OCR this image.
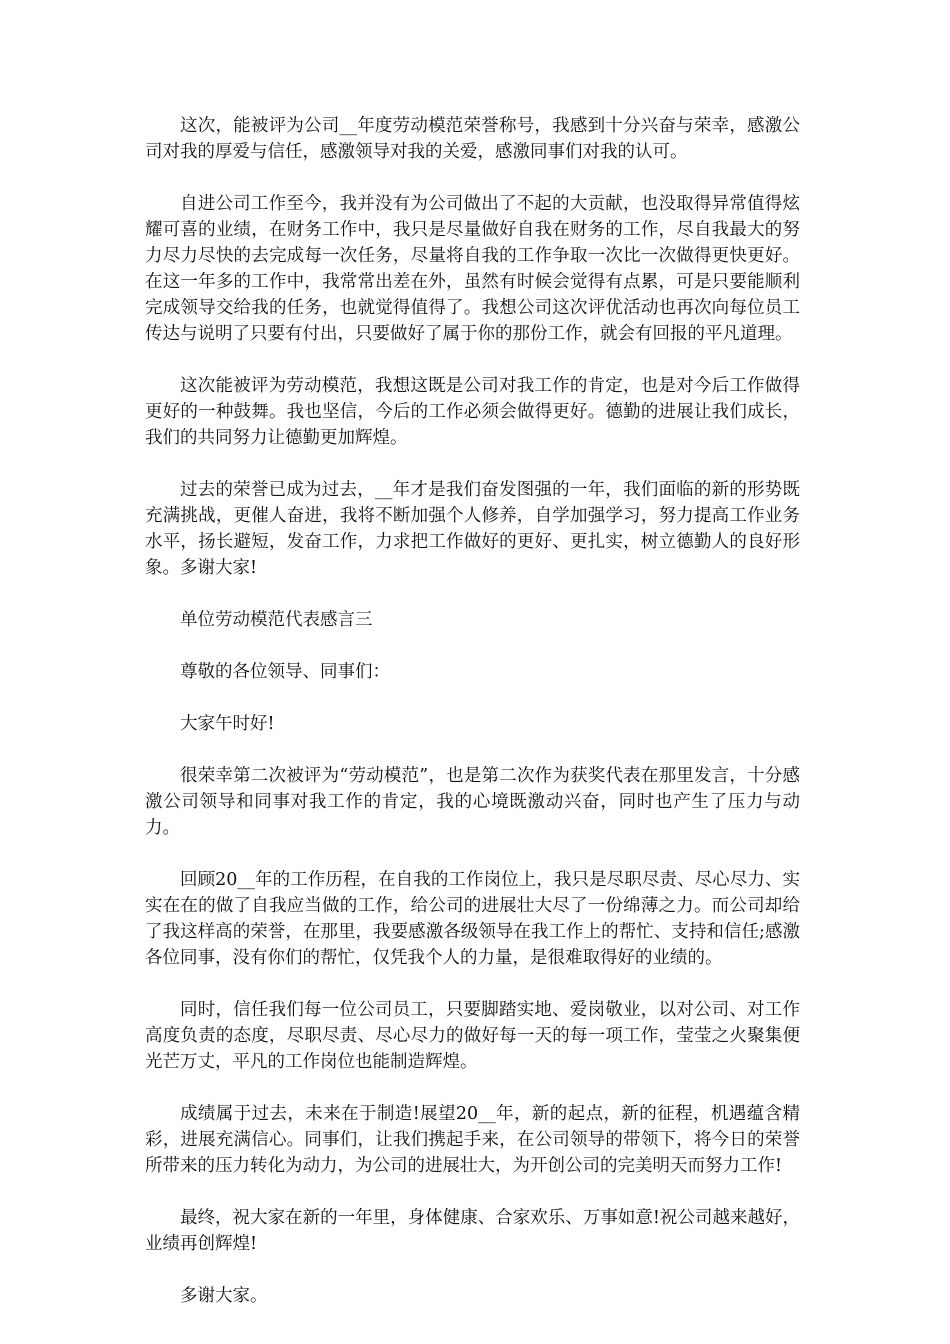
这次，能被评为公司__年度劳动模范荣誉称号，我感到十分兴奋与荣幸，感激公司对我的厚爱与信任，感激领导对我的关爱，感激同事们对我的认可。

自进公司工作至今，我并没有为公司做出了不起的大贡献，也没取得异常值得炫耀可喜的业绩，在财务工作中，我只是尽量做好自我在财务的工作，尽自我最大的努力尽力尽快的去完成每一次任务，尽量将自我的工作争取一次比一次做得更快更好。在这一年多的工作中，我常常出差在外，虽然有时候会觉得有点累，可是只要能顺利完成领导交给我的任务，也就觉得值得了。我想公司这次评优活动也再次向每位员工传达与说明了只要有付出，只要做好了属于你的那份工作，就会有回报的平凡道理。

这次能被评为劳动模范，我想这既是公司对我工作的肯定，也是对今后工作做得更好的一种鼓舞。我也坚信，今后的工作必须会做得更好。德勤的进展让我们成长，我们的共同努力让德勤更加辉煌。

过去的荣誉已成为过去，__年才是我们奋发图强的一年，我们面临的新的形势既充满挑战，更催人奋进，我将不断加强个人修养，自学加强学习，努力提高工作业务水平，扬长避短，发奋工作，力求把工作做好的更好、更扎实，树立德勤人的良好形象。多谢大家!

单位劳动模范代表感言三

尊敬的各位领导、同事们：

大家午时好!

很荣幸第二次被评为“劳动模范”，也是第二次作为获奖代表在那里发言，十分感激公司领导和同事对我工作的肯定，我的心境既激动兴奋，同时也产生了压力与动力。

回顾20__年的工作历程，在自我的工作岗位上，我只是尽职尽责、尽心尽力、实实在在的做了自我应当做的工作，给公司的进展壮大尽了一份绵薄之力。而公司却给了我这样高的荣誉，在那里，我要感激各级领导在我工作上的帮忙、支持和信任;感激各位同事，没有你们的帮忙，仅凭我个人的力量，是很难取得好的业绩的。

同时，信任我们每一位公司员工，只要脚踏实地、爱岗敬业，以对公司、对工作高度负责的态度，尽职尽责、尽心尽力的做好每一天的每一项工作，莹莹之火聚集便光芒万丈，平凡的工作岗位也能制造辉煌。

成绩属于过去，未来在于制造!展望20__年，新的起点，新的征程，机遇蕴含精彩，进展充满信心。同事们，让我们携起手来，在公司领导的带领下，将今日的荣誉所带来的压力转化为动力，为公司的进展壮大，为开创公司的完美明天而努力工作!

最终，祝大家在新的一年里，身体健康、合家欢乐、万事如意!祝公司越来越好，业绩再创辉煌!

多谢大家。
